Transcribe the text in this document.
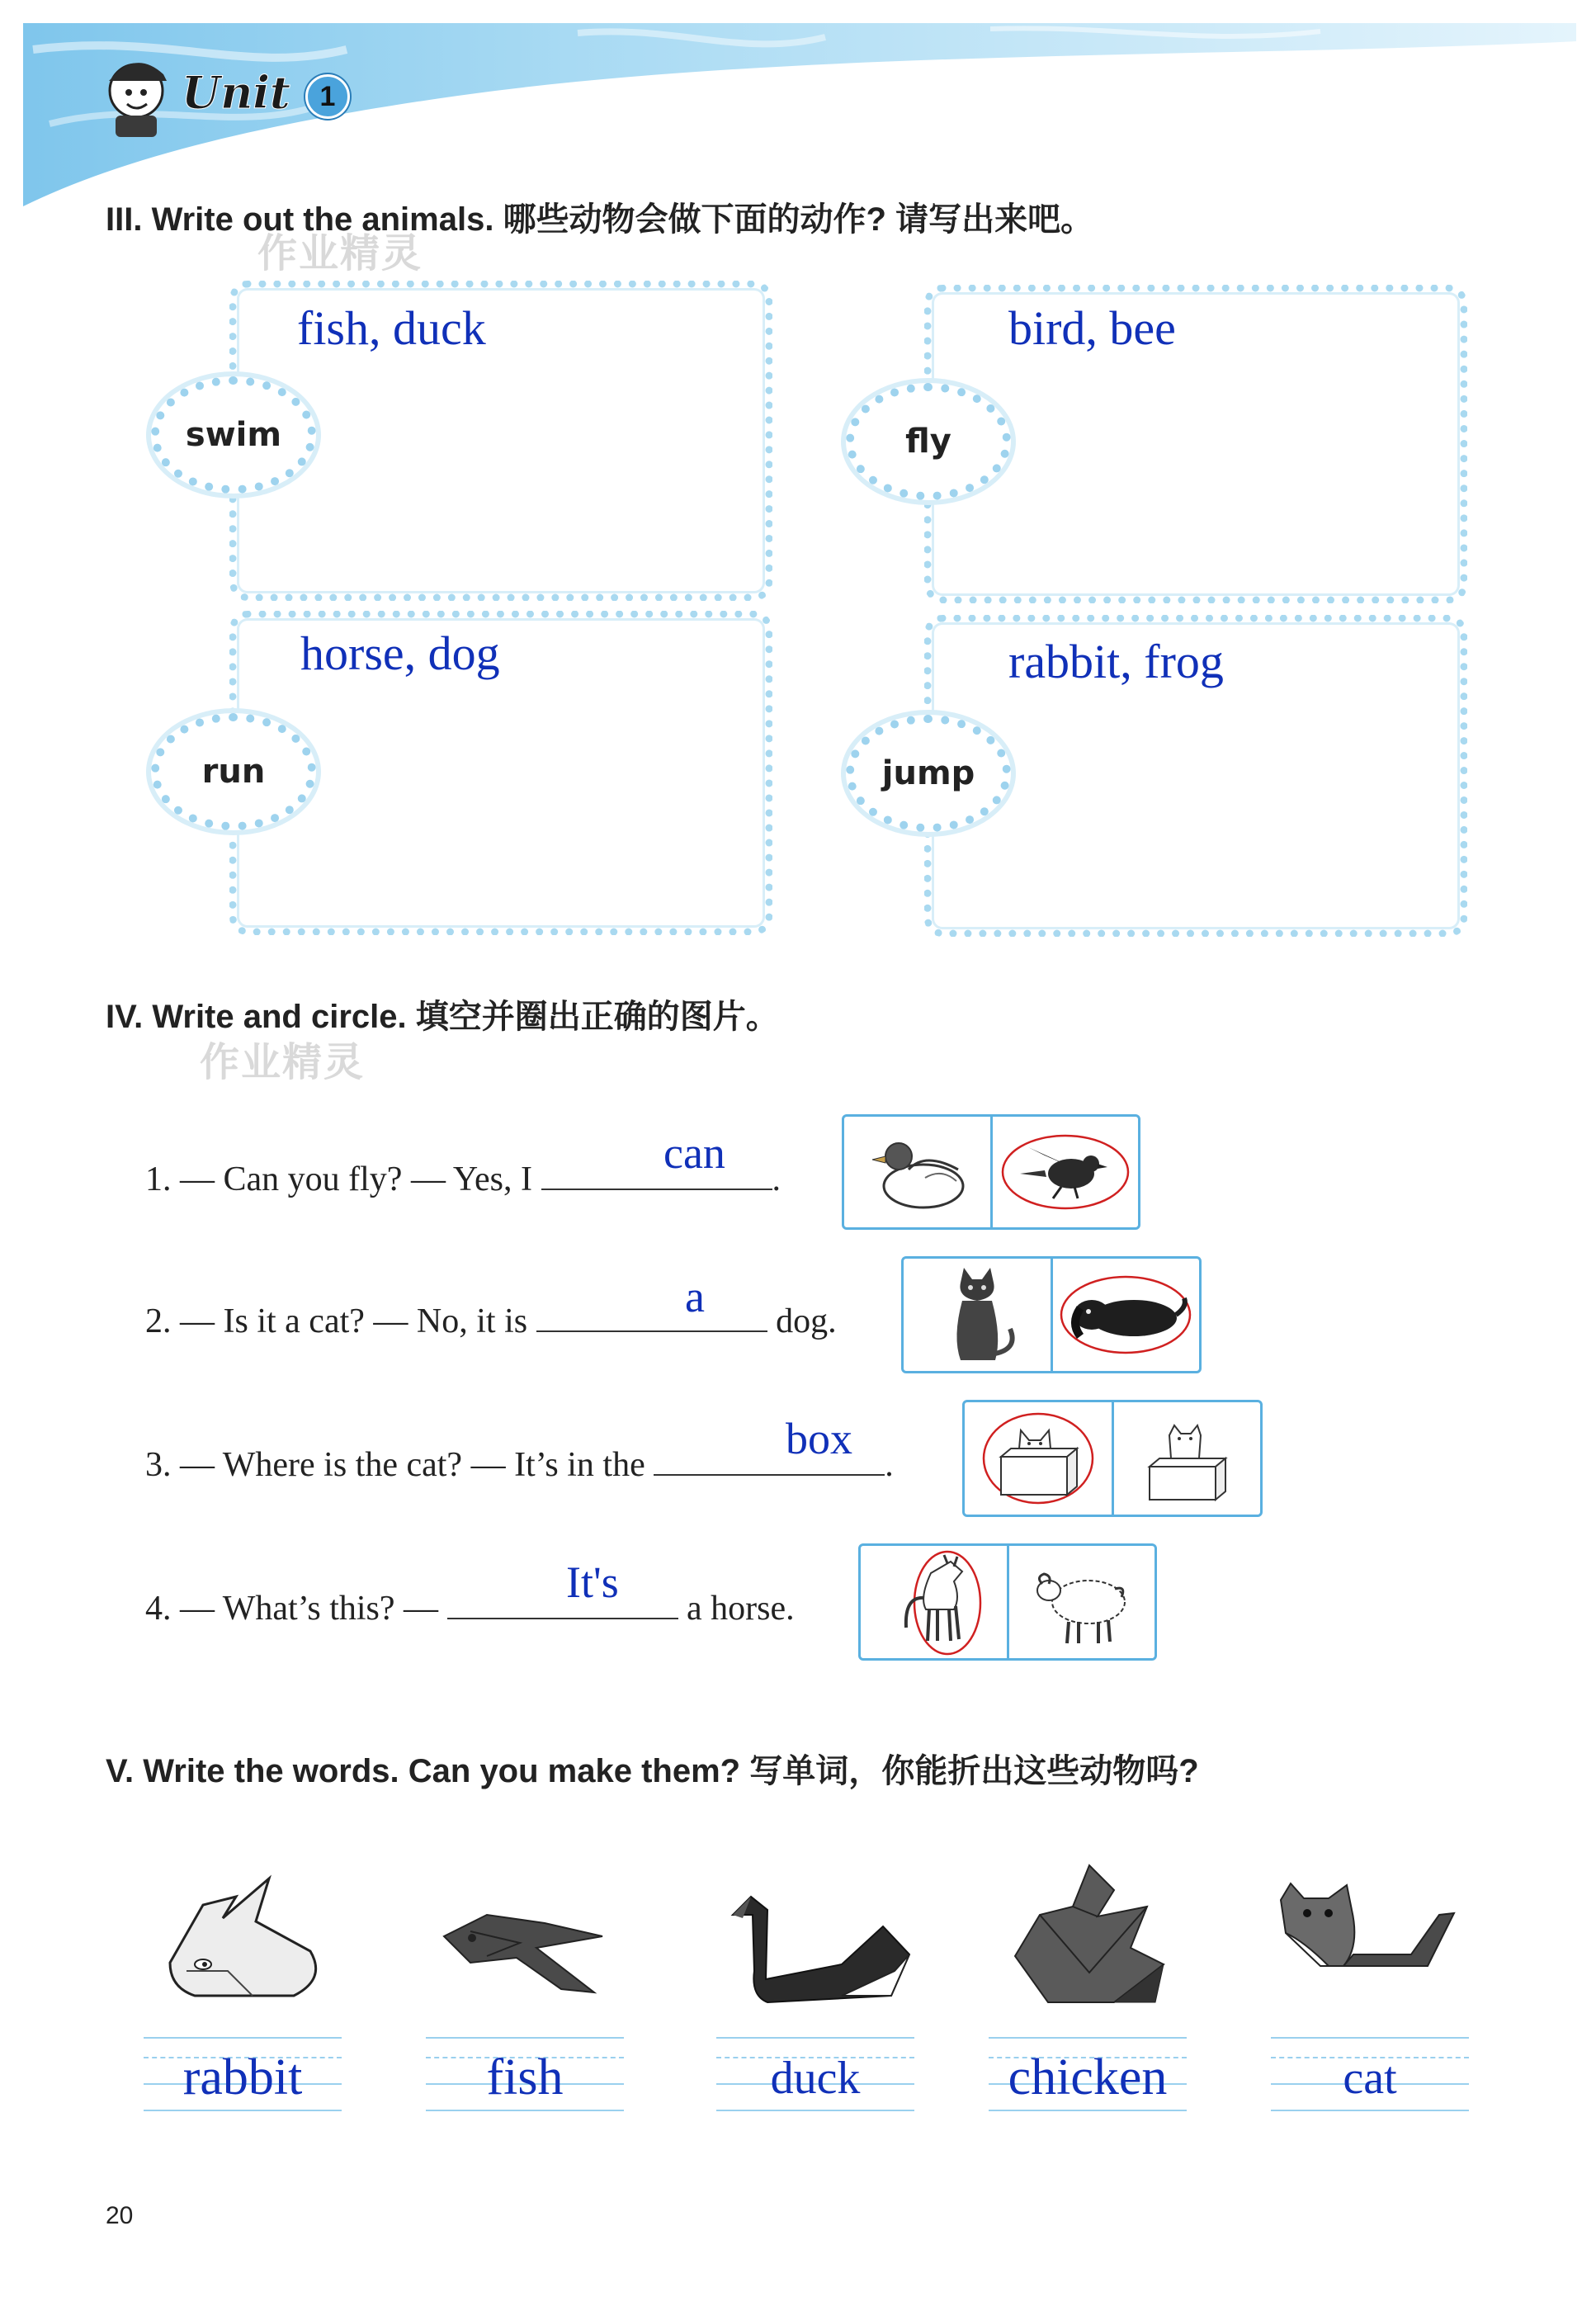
Unit	1
III. Write out the animals. 哪些动物会做下面的动作? 请写出来吧。
作业精灵
fish, duck
swim
bird, bee
fly
horse, dog
run
rabbit, frog
jump
IV. Write and circle. 填空并圈出正确的图片。
作业精灵
1. — Can you fly? — Yes, I	.
can
2. — Is it a cat? — No, it is	dog.
a
3. — Where is the cat? — It’s in the	.
box
4. — What’s this? —	a horse.
It's
V. Write the words. Can you make them? 写单词，你能折出这些动物吗?
rabbit	fish	duck	chicken	cat
20
